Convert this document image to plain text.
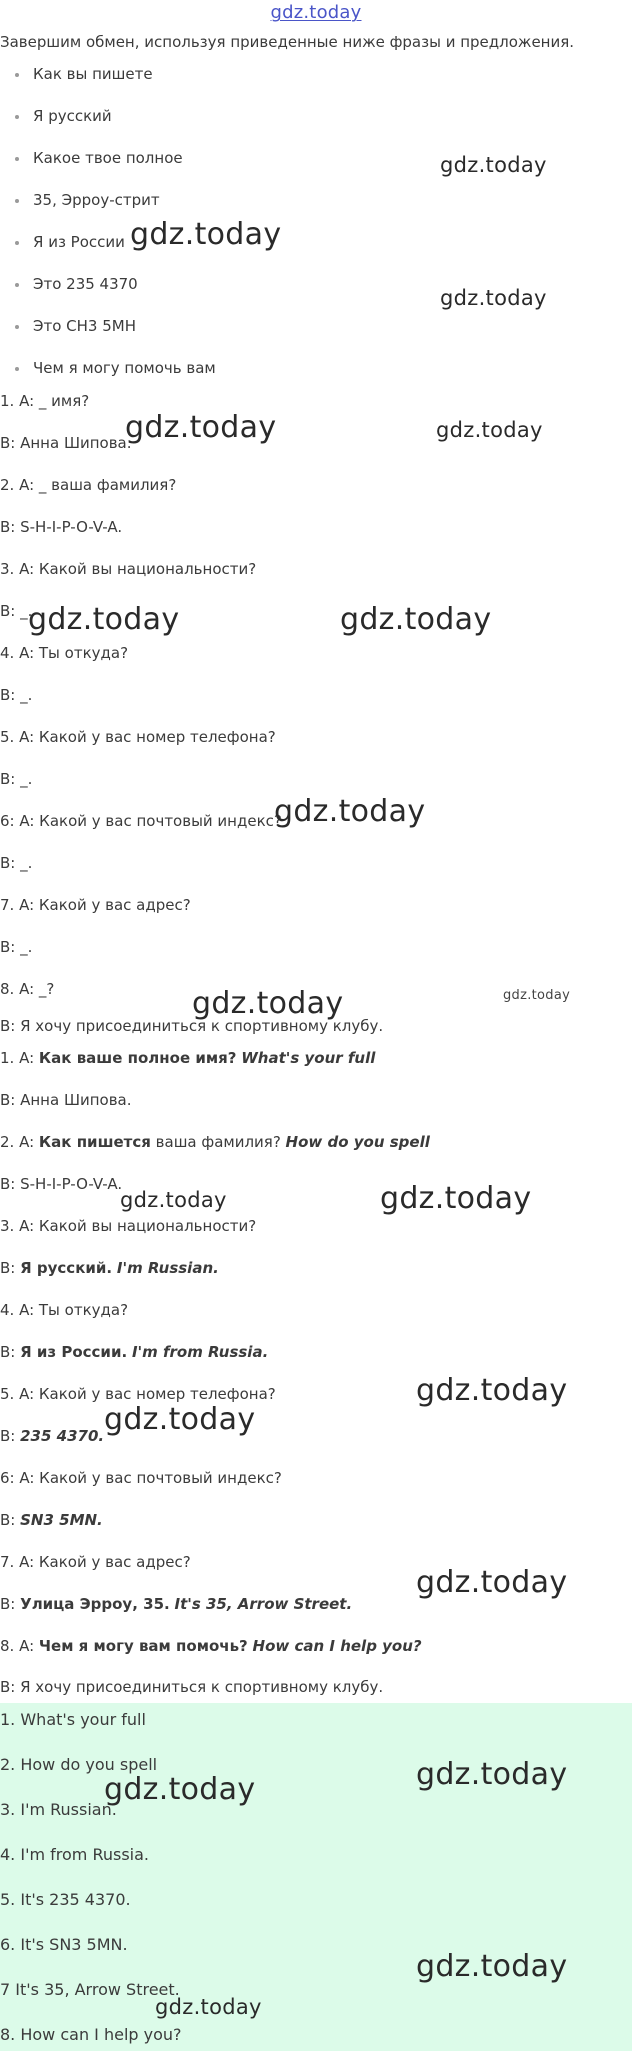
gdz.today
Завершим обмен, используя приведенные ниже фразы и предложения.
Как вы пишете
Я русский
Какое твое полное
35, Эрроу-стрит
Я из России
Это 235 4370
Это СН3 5МН
Чем я могу помочь вам
1. A: _ имя?
B: Анна Шипова.
2. A: _ ваша фамилия?
B: S-H-I-P-O-V-A.
3. A: Какой вы национальности?
B: _.
4. A: Ты откуда?
B: _.
5. A: Какой у вас номер телефона?
B: _.
6: A: Какой у вас почтовый индекс?
B: _.
7. A: Какой у вас адрес?
B: _.
8. A: _?
B: Я хочу присоединиться к спортивному клубу.
1. A: Как ваше полное имя? What's your full
B: Анна Шипова.
2. A: Как пишется ваша фамилия? How do you spell
B: S-H-I-P-O-V-A.
3. A: Какой вы национальности?
B: Я русский. I'm Russian.
4. A: Ты откуда?
B: Я из России. I'm from Russia.
5. A: Какой у вас номер телефона?
B: 235 4370.
6: A: Какой у вас почтовый индекс?
B: SN3 5MN.
7. A: Какой у вас адрес?
B: Улица Эрроу, 35. It's 35, Arrow Street.
8. A: Чем я могу вам помочь? How can I help you?
B: Я хочу присоединиться к спортивному клубу.
1. What's your full
2. How do you spell
3. I'm Russian.
4. I'm from Russia.
5. It's 235 4370.
6. It's SN3 5MN.
7 It's 35, Arrow Street.
8. How can I help you?
gdz.today
gdz.today
gdz.today
gdz.today	gdz.today
gdz.today	gdz.today
gdz.today
gdz.today	gdz.today
gdz.today	gdz.today
gdz.today
gdz.today
gdz.today
gdz.today	gdz.today
gdz.today
gdz.today
